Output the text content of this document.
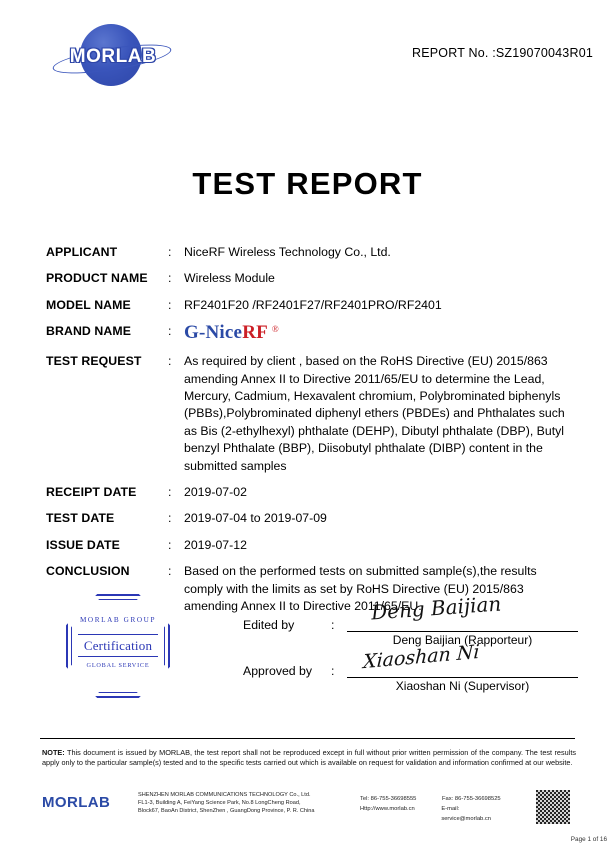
MORLAB	REPORT No. :SZ19070043R01
TEST REPORT
APPLICANT	:	NiceRF Wireless Technology Co., Ltd.
PRODUCT NAME	:	Wireless Module
MODEL NAME	:	RF2401F20 /RF2401F27/RF2401PRO/RF2401
BRAND NAME	: G-NiceRF ®
TEST REQUEST	:	As required by client , based on the RoHS Directive (EU) 2015/863 amending Annex II to Directive 2011/65/EU to determine the Lead, Mercury, Cadmium, Hexavalent chromium, Polybrominated biphenyls (PBBs),Polybrominated diphenyl ethers (PBDEs) and Phthalates such as Bis (2-ethylhexyl) phthalate (DEHP), Dibutyl phthalate (DBP), Butyl benzyl Phthalate (BBP), Diisobutyl phthalate (DIBP) content in the submitted samples
RECEIPT DATE	:	2019-07-02
TEST DATE	:	2019-07-04 to 2019-07-09
ISSUE DATE	:	2019-07-12
CONCLUSION	:	Based on the performed tests on submitted sample(s),the results comply with the limits as set by RoHS Directive (EU) 2015/863 amending Annex II to Directive 2011/65/EU.
MORLAB GROUP
Certification
GLOBAL SERVICE
Deng Baijian
Edited by	:
Deng Baijian (Rapporteur)
Xiaoshan Ni
Approved by :
Xiaoshan Ni (Supervisor)
NOTE: This document is issued by MORLAB, the test report shall not be reproduced except in full without prior written permission of the company. The test results apply only to the particular sample(s) tested and to the specific tests carried out which is available on request for validation and information confirmed at our website.
MORLAB	SHENZHEN MORLAB COMMUNICATIONS TECHNOLOGY Co., Ltd.
FL1-3, Building A, FeiYang Science Park, No.8 LongCheng Road,
Block67, BaoAn District, ShenZhen , GuangDong Province, P. R. China
Tel: 86-755-36698555	Fax: 86-755-36698525
Http://www.morlab.cn	E-mail: service@morlab.cn
Page 1 of 16
